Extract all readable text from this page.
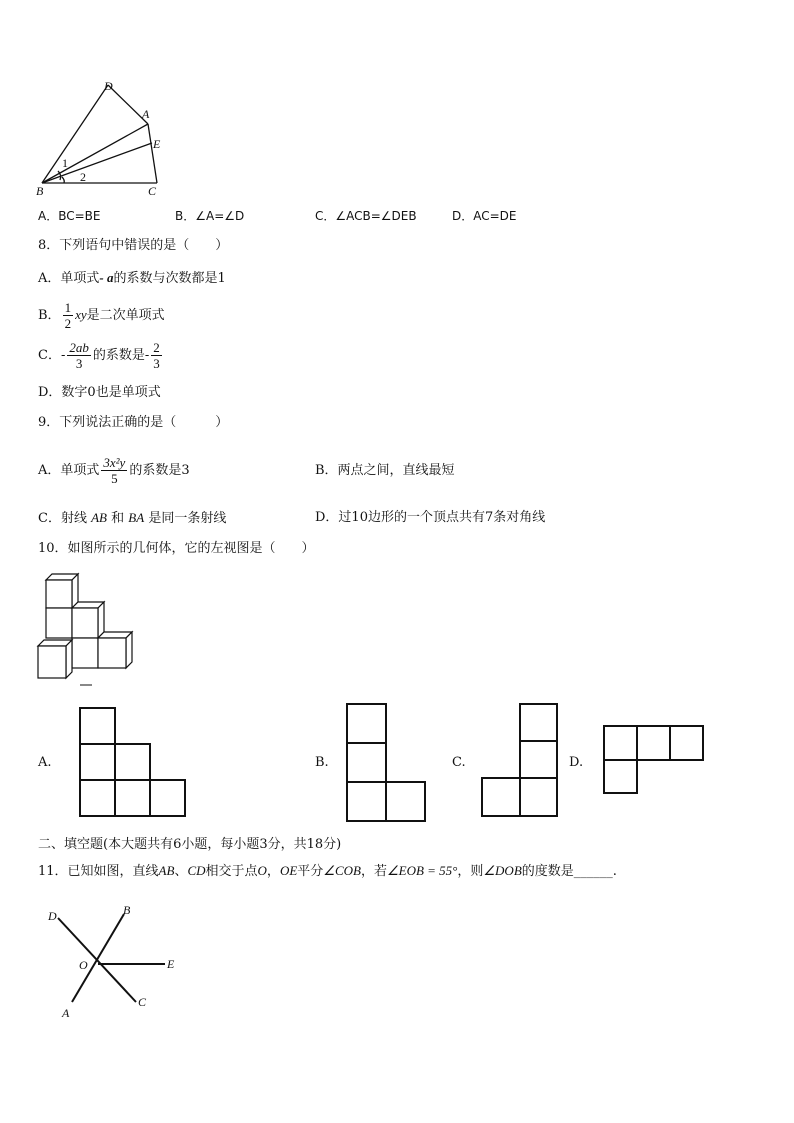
D
A
E
B	C
1
2
A．BC=BE	B．∠A=∠D	C．∠ACB=∠DEB	D．AC=DE
8．下列语句中错误的是（　　）
A．单项式- a的系数与次数都是1
B． $\frac{1}{2}$ xy是二次单项式
C．- $\frac{2ab}{3}$ 的系数是- $\frac{2}{3}$
D．数字0也是单项式
9．下列说法正确的是（　　　）
A．单项式 $\frac{\text{3x²y}}{5}$ 的系数是3	B．两点之间，直线最短
C．射线 AB 和 BA 是同一条射线	D．过10边形的一个顶点共有7条对角线
10．如图所示的几何体，它的左视图是（　　）
A.	B.	C.	D.
二、填空题(本大题共有6小题，每小题3分，共18分)
11．已知如图，直线AB、CD相交于点O，OE平分∠COB，若∠EOB = 55°，则∠DOB的度数是______.
D	B
O	E
A
C
